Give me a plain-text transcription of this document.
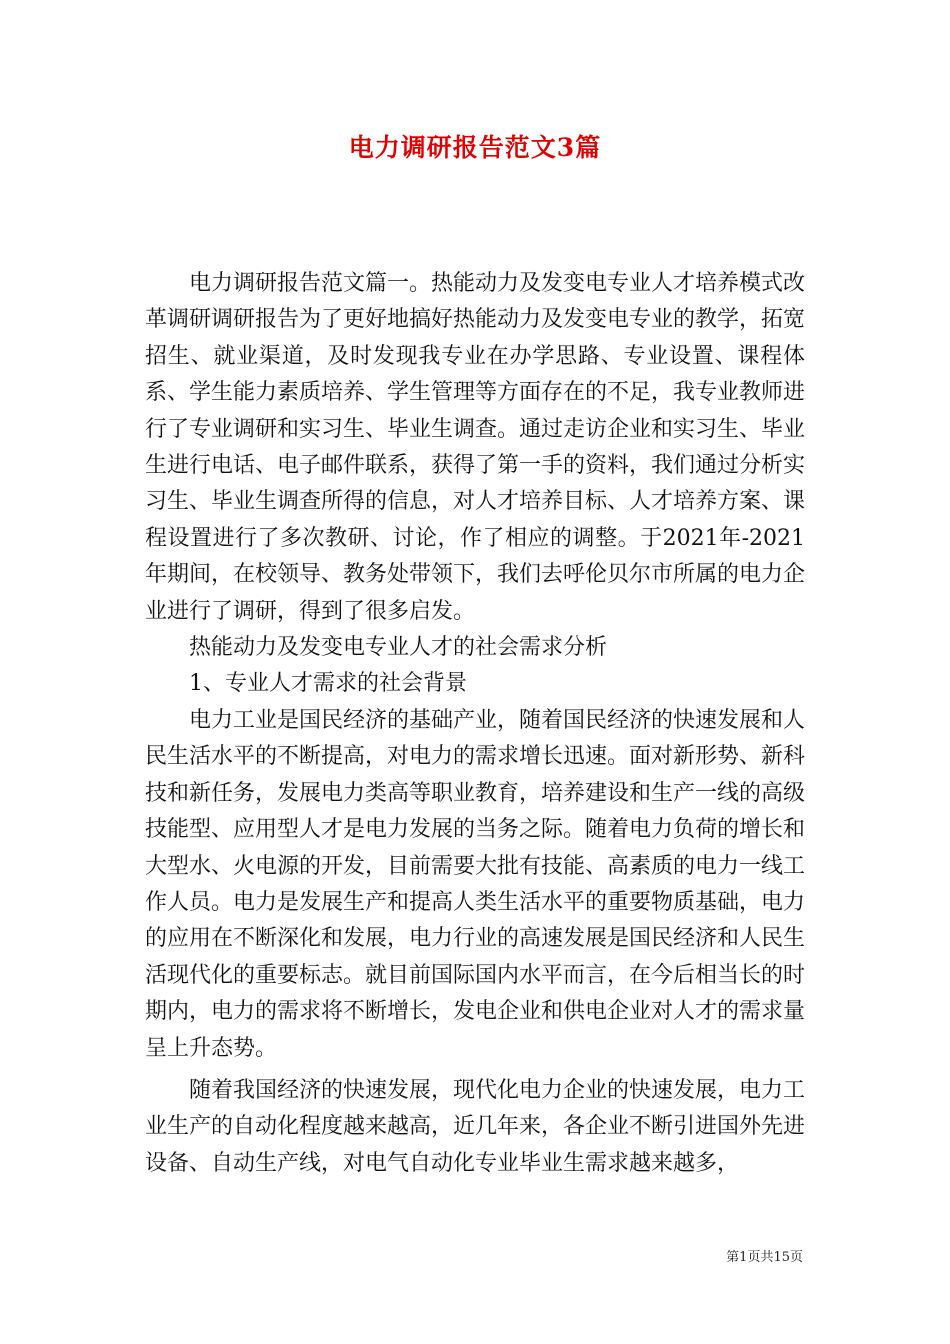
电力调研报告范文3篇

电力调研报告范文篇一。热能动力及发变电专业人才培养模式改革调研调研报告为了更好地搞好热能动力及发变电专业的教学，拓宽招生、就业渠道，及时发现我专业在办学思路、专业设置、课程体系、学生能力素质培养、学生管理等方面存在的不足，我专业教师进行了专业调研和实习生、毕业生调查。通过走访企业和实习生、毕业生进行电话、电子邮件联系，获得了第一手的资料，我们通过分析实习生、毕业生调查所得的信息，对人才培养目标、人才培养方案、课程设置进行了多次教研、讨论，作了相应的调整。于2021年-2021年期间，在校领导、教务处带领下，我们去呼伦贝尔市所属的电力企业进行了调研，得到了很多启发。

热能动力及发变电专业人才的社会需求分析

1、专业人才需求的社会背景

电力工业是国民经济的基础产业，随着国民经济的快速发展和人民生活水平的不断提高，对电力的需求增长迅速。面对新形势、新科技和新任务，发展电力类高等职业教育，培养建设和生产一线的高级技能型、应用型人才是电力发展的当务之际。随着电力负荷的增长和大型水、火电源的开发，目前需要大批有技能、高素质的电力一线工作人员。电力是发展生产和提高人类生活水平的重要物质基础，电力的应用在不断深化和发展，电力行业的高速发展是国民经济和人民生活现代化的重要标志。就目前国际国内水平而言，在今后相当长的时期内，电力的需求将不断增长，发电企业和供电企业对人才的需求量呈上升态势。

随着我国经济的快速发展，现代化电力企业的快速发展，电力工业生产的自动化程度越来越高，近几年来，各企业不断引进国外先进设备、自动生产线，对电气自动化专业毕业生需求越来越多，

第1页共15页
